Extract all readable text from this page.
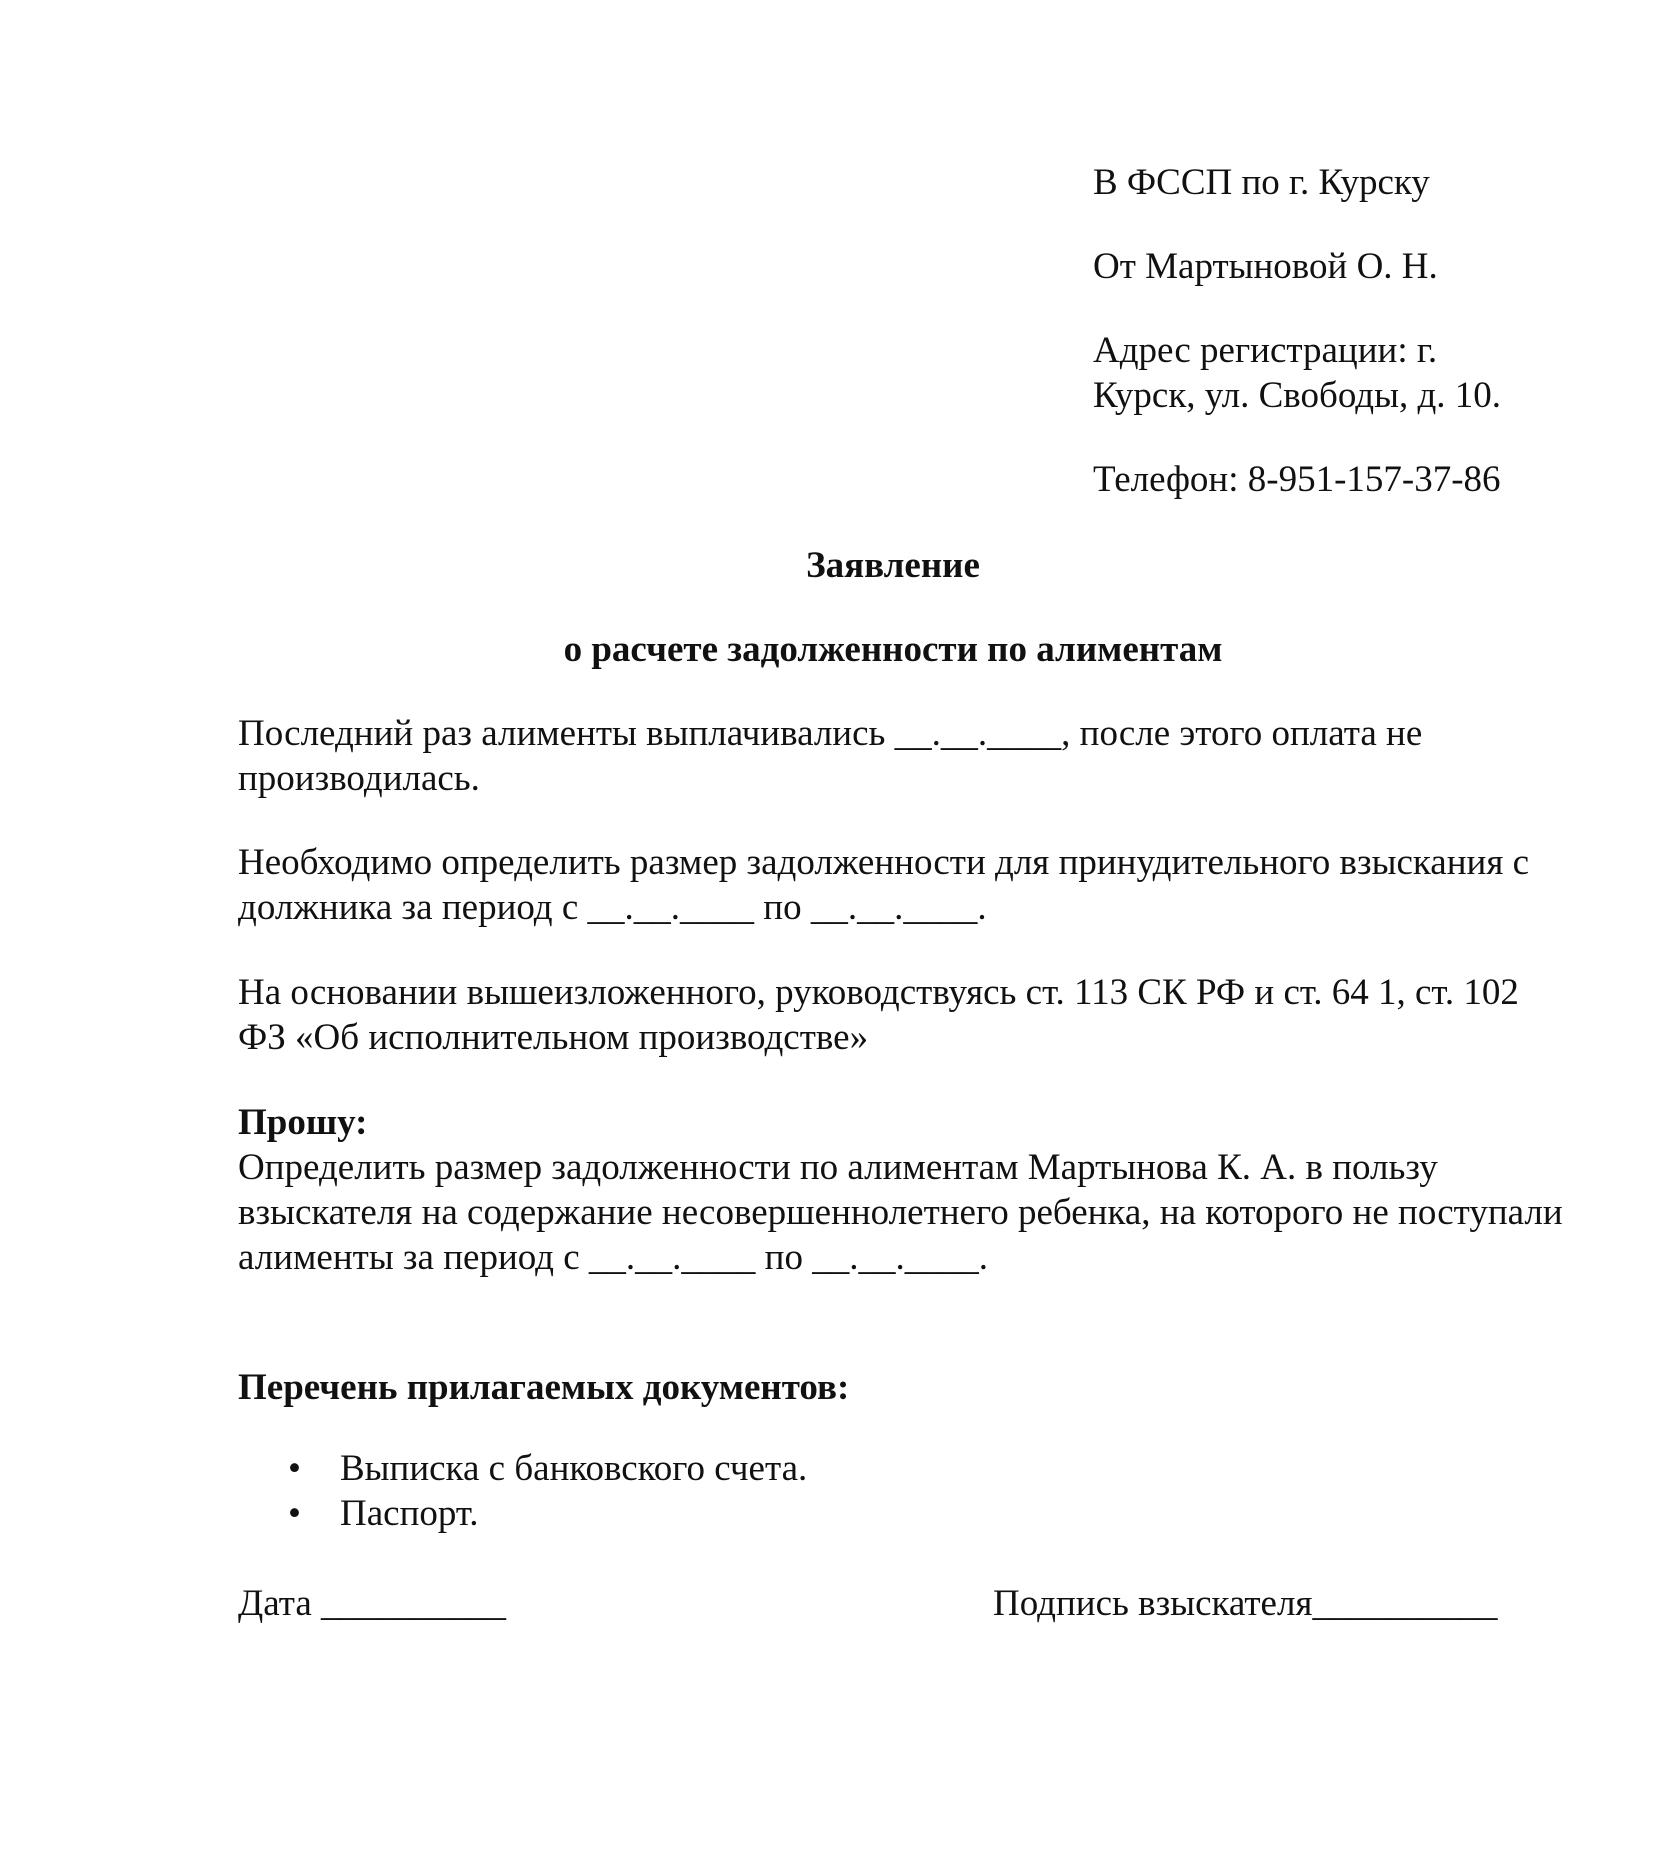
В ФССП по г. Курску

От Мартыновой О. Н.

Адрес регистрации: г.
Курск, ул. Свободы, д. 10.

Телефон: 8-951-157-37-86

Заявление
о расчете задолженности по алиментам

Последний раз алименты выплачивались __.__.____, после этого оплата не производилась.

Необходимо определить размер задолженности для принудительного взыскания с должника за период с __.__.____ по __.__.____.

На основании вышеизложенного, руководствуясь ст. 113 СК РФ и ст. 64 1, ст. 102 ФЗ «Об исполнительном производстве»

Прошу:

Определить размер задолженности по алиментам Мартынова К. А. в пользу взыскателя на содержание несовершеннолетнего ребенка, на которого не поступали алименты за период с __.__.____ по __.__.____.

Перечень прилагаемых документов:
• Выписка с банковского счета.
• Паспорт.
Дата __________	Подпись взыскателя__________
